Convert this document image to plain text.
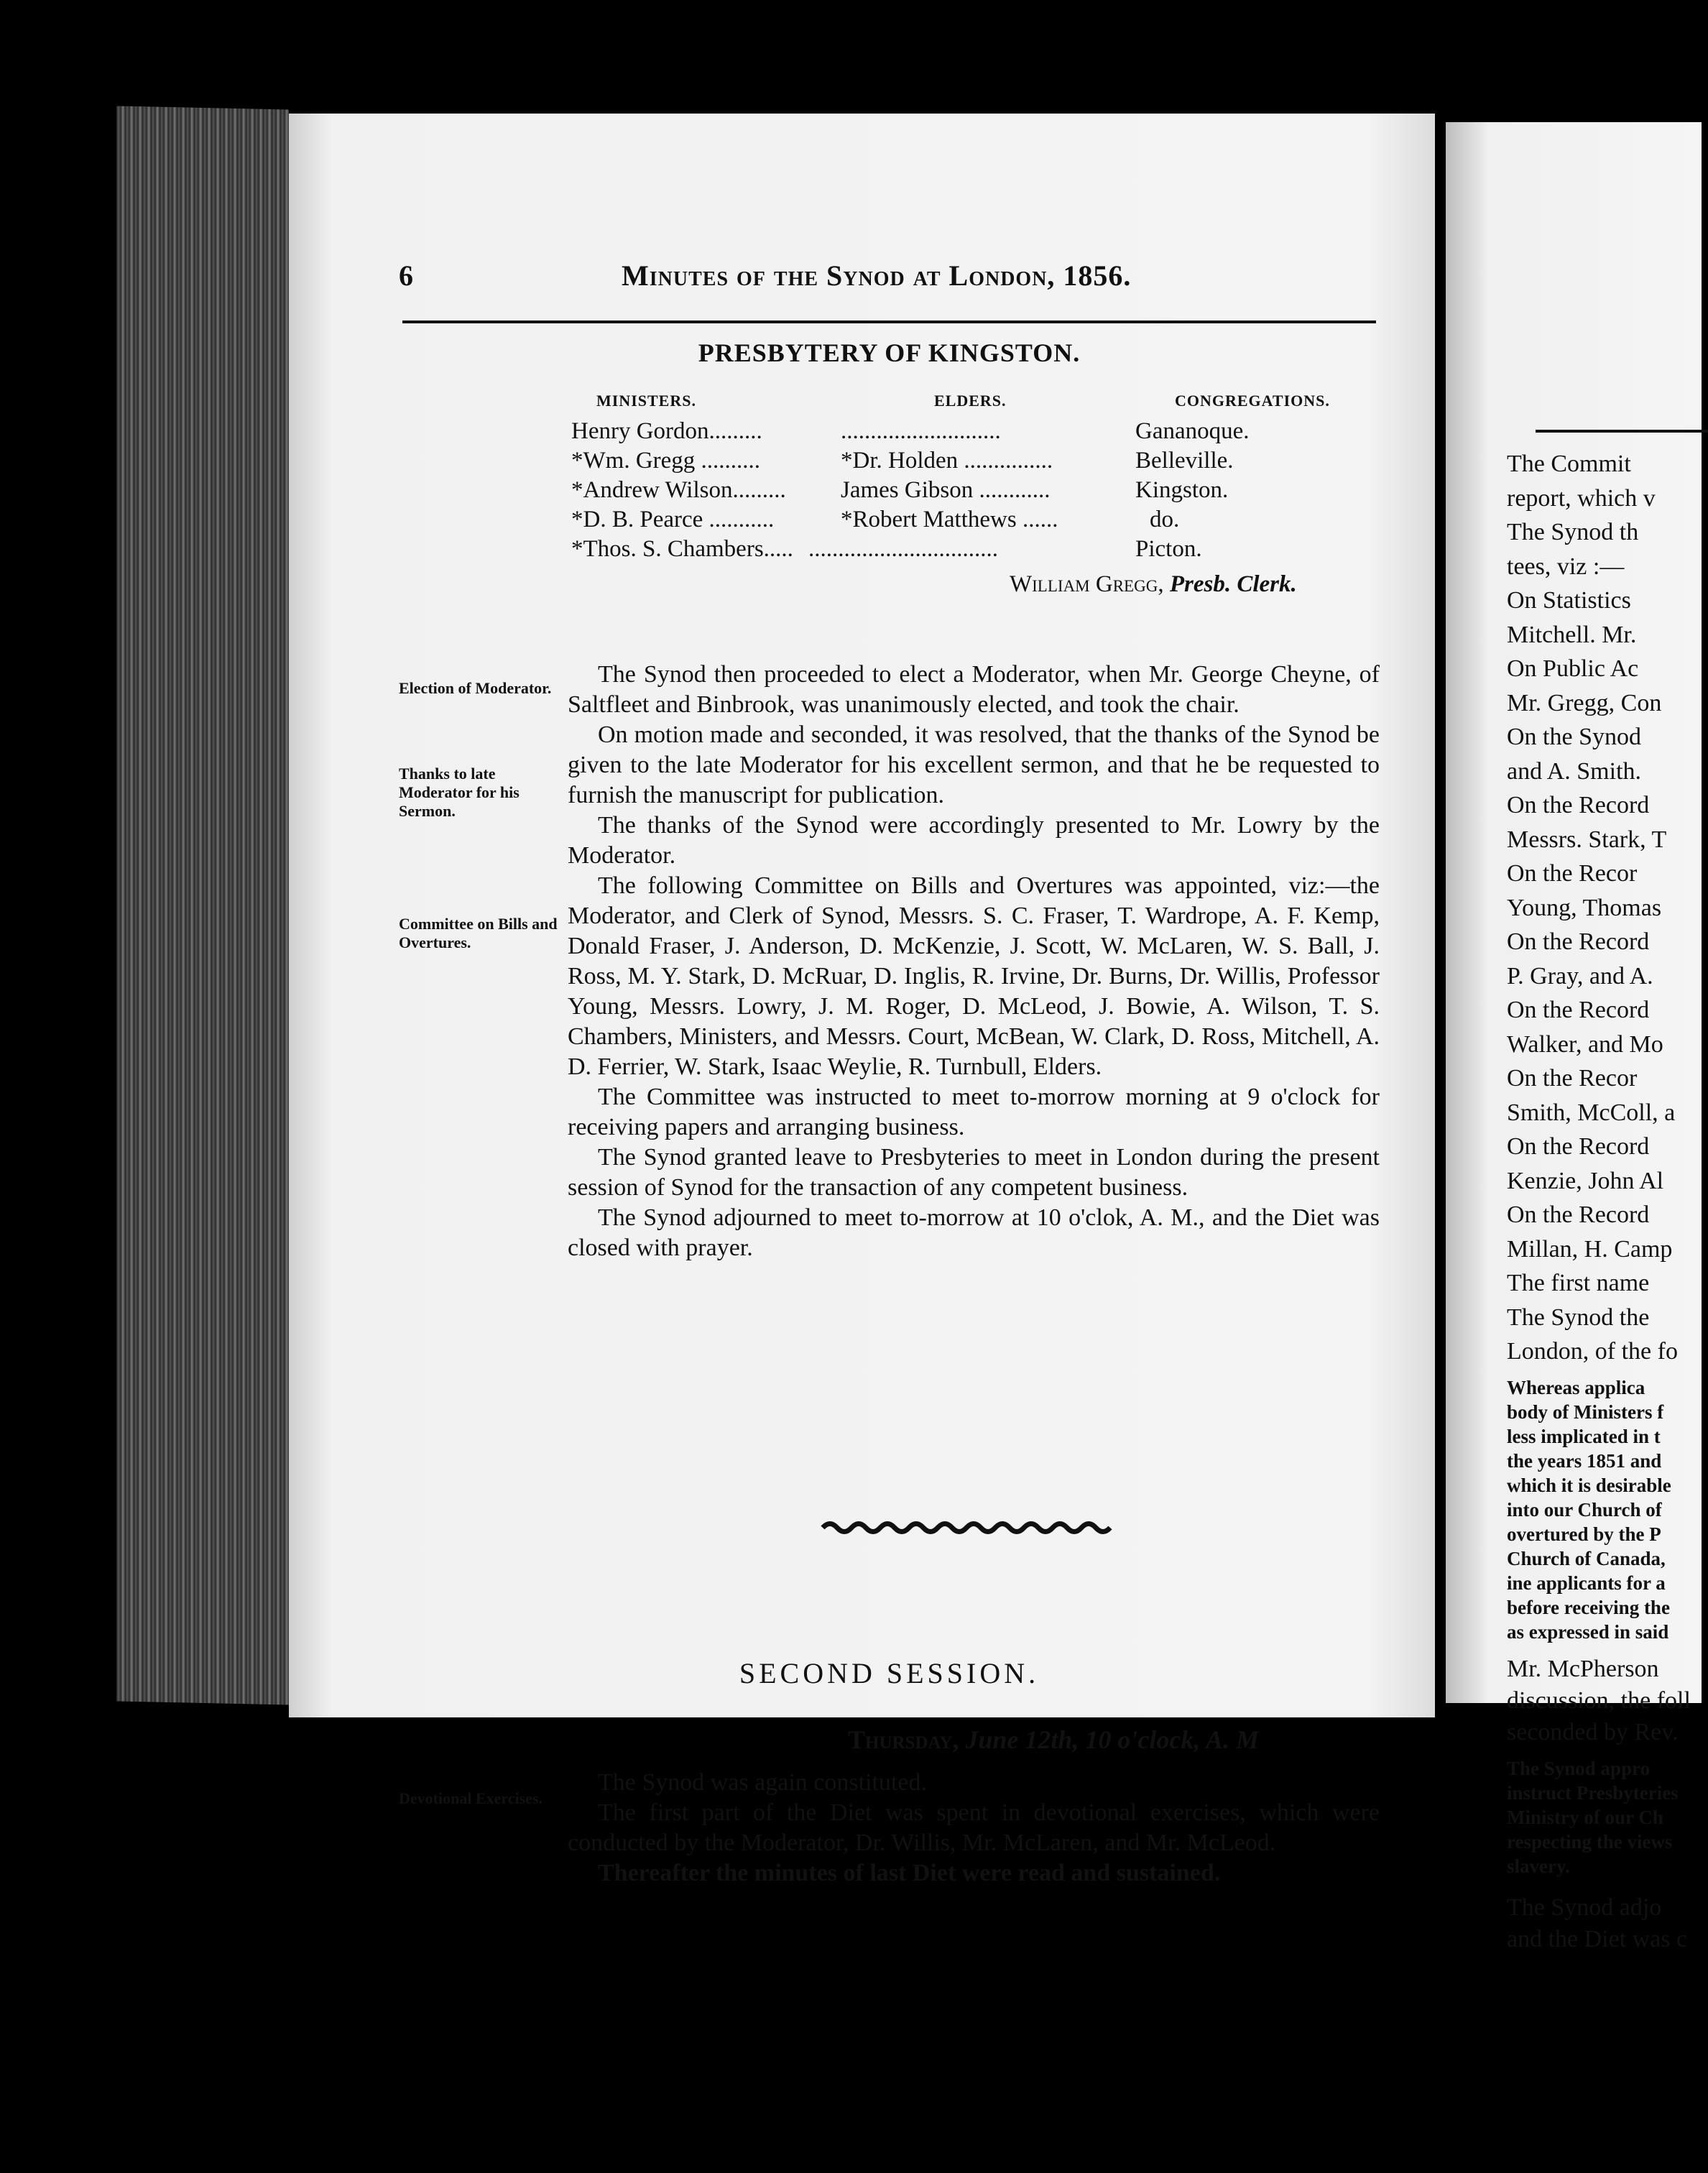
The Commit
report, which v
The Synod th
tees, viz :—
On Statistics
Mitchell. Mr.
On Public Ac
Mr. Gregg, Con
On the Synod
and A. Smith.
On the Record
Messrs. Stark, T
On the Recor
Young, Thomas
On the Record
P. Gray, and A.
On the Record
Walker, and Mo
On the Recor
Smith, McColl, a
On the Record
Kenzie, John Al
On the Record
Millan, H. Camp
The first name
The Synod the
London, of the fo
Whereas applica
body of Ministers f
less implicated in t
the years 1851 and
which it is desirable
into our Church of
overtured by the P
Church of Canada,
ine applicants for a
before receiving the
as expressed in said
Mr. McPherson
discussion, the foll
seconded by Rev.
The Synod appro
instruct Presbyteries
Ministry of our Ch
respecting the views
slavery.
The Synod adjo
and the Diet was c
6	Minutes of the Synod at London, 1856.
PRESBYTERY OF KINGSTON.
MINISTERS.	ELDERS.	CONGREGATIONS.
Henry Gordon.........	...........................	Gananoque.
*Wm. Gregg ..........	*Dr. Holden ...............	Belleville.
*Andrew Wilson......... James Gibson ............	Kingston.
*D. B. Pearce ...........	*Robert Matthews ......	do.
*Thos. S. Chambers..... ................................	Picton.
William Gregg, Presb. Clerk.
Election of Moderator.
Thanks to late Moderator for his Sermon.
Committee on Bills and Overtures.
Devotional Exercises.

The Synod then proceeded to elect a Moderator, when Mr. George Cheyne, of Saltfleet and Binbrook, was unanimously elected, and took the chair.

On motion made and seconded, it was resolved, that the thanks of the Synod be given to the late Moderator for his excellent sermon, and that he be requested to furnish the manuscript for publication.

The thanks of the Synod were accordingly presented to Mr. Lowry by the Moderator.

The following Committee on Bills and Overtures was appointed, viz:—the Moderator, and Clerk of Synod, Messrs. S. C. Fraser, T. Wardrope, A. F. Kemp, Donald Fraser, J. Anderson, D. McKenzie, J. Scott, W. McLaren, W. S. Ball, J. Ross, M. Y. Stark, D. McRuar, D. Inglis, R. Irvine, Dr. Burns, Dr. Willis, Professor Young, Messrs. Lowry, J. M. Roger, D. McLeod, J. Bowie, A. Wilson, T. S. Chambers, Ministers, and Messrs. Court, McBean, W. Clark, D. Ross, Mitchell, A. D. Ferrier, W. Stark, Isaac Weylie, R. Turnbull, Elders.

The Committee was instructed to meet to-morrow morning at 9 o'clock for receiving papers and arranging business.

The Synod granted leave to Presbyteries to meet in London during the present session of Synod for the transaction of any competent business.

The Synod adjourned to meet to-morrow at 10 o'clok, A. M., and the Diet was closed with prayer.

SECOND SESSION.
Thursday, June 12th, 10 o'clock, A. M

The Synod was again constituted.

The first part of the Diet was spent in devotional exercises, which were conducted by the Moderator, Dr. Willis, Mr. McLaren, and Mr. McLeod.

Thereafter the minutes of last Diet were read and sustained.
